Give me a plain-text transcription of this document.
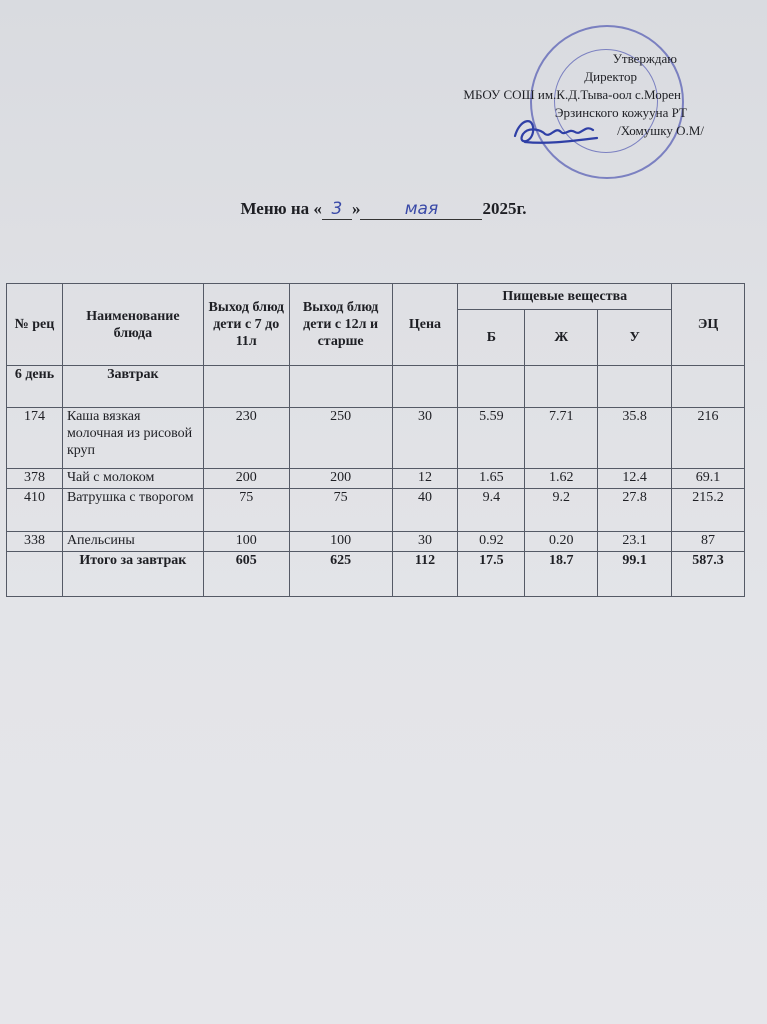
Утверждаю
Директор
МБОУ СОШ им.К.Д.Тыва-оол с.Морен
Эрзинского кожууна РТ
/Хомушку О.М/
Меню на « 3 »	мая	2025г.
№ рец	Наименование блюда	Выход блюд дети с 7 до 11л	Выход блюд дети с 12л и старше	Цена	Пищевые вещества			ЭЦ
					Б	Ж	У	
6 день	Завтрак							
174	Каша вязкая молочная из рисовой круп	230	250	30	5.59	7.71	35.8	216
378	Чай с молоком	200	200	12	1.65	1.62	12.4	69.1
410	Ватрушка с творогом	75	75	40	9.4	9.2	27.8	215.2
338	Апельсины	100	100	30	0.92	0.20	23.1	87
	Итого за завтрак	605	625	112	17.5	18.7	99.1	587.3
